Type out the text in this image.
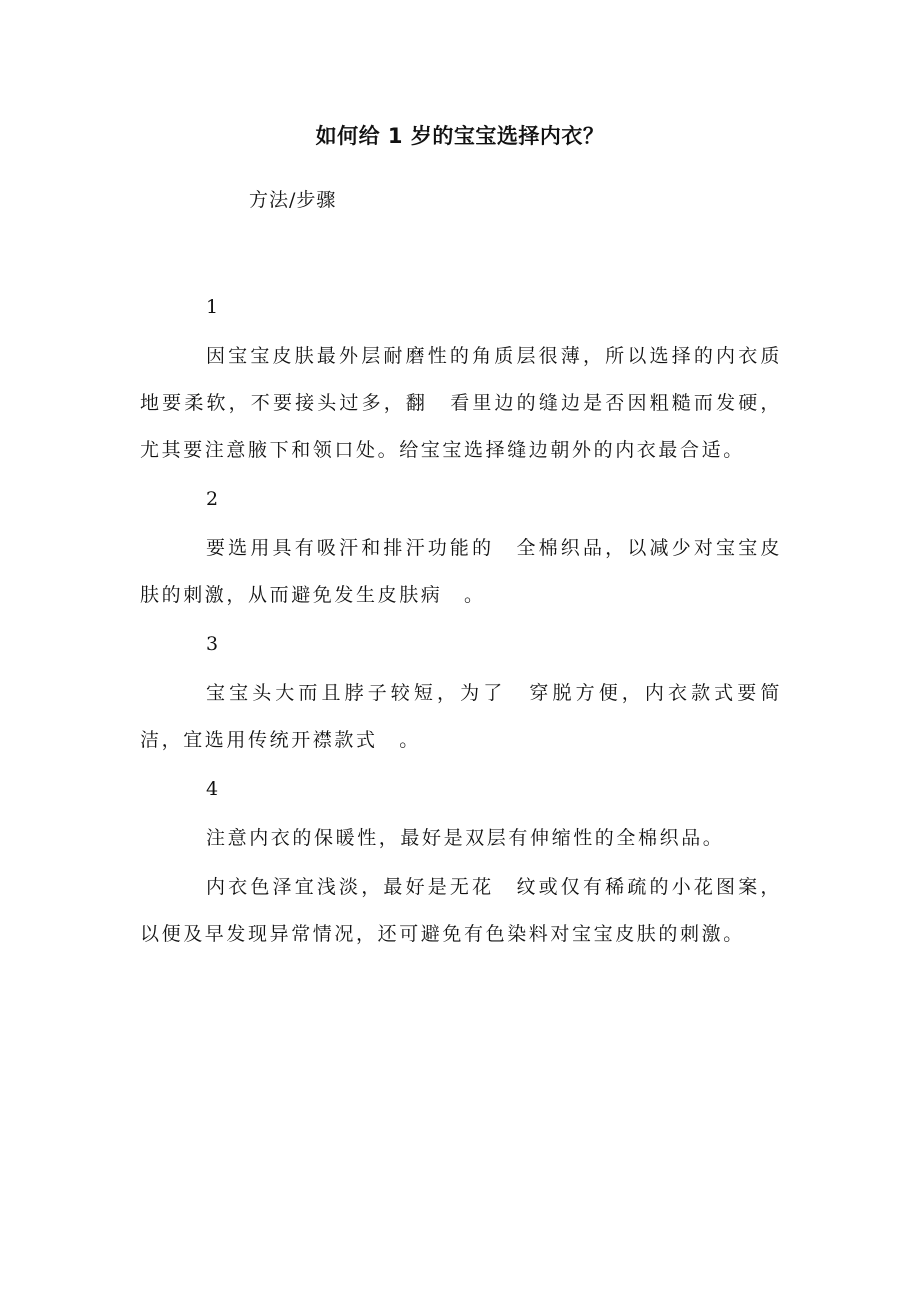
如何给 1 岁的宝宝选择内衣？
方法/步骤

1

因宝宝皮肤最外层耐磨性的角质层很薄，所以选择的内衣质地要柔软，不要接头过多，翻　看里边的缝边是否因粗糙而发硬，尤其要注意腋下和领口处。给宝宝选择缝边朝外的内衣最合适。

2

要选用具有吸汗和排汗功能的　全棉织品，以减少对宝宝皮肤的刺激，从而避免发生皮肤病　。

3

宝宝头大而且脖子较短，为了　穿脱方便，内衣款式要简洁，宜选用传统开襟款式　。

4

注意内衣的保暖性，最好是双层有伸缩性的全棉织品。

内衣色泽宜浅淡，最好是无花　纹或仅有稀疏的小花图案，以便及早发现异常情况，还可避免有色染料对宝宝皮肤的刺激。
